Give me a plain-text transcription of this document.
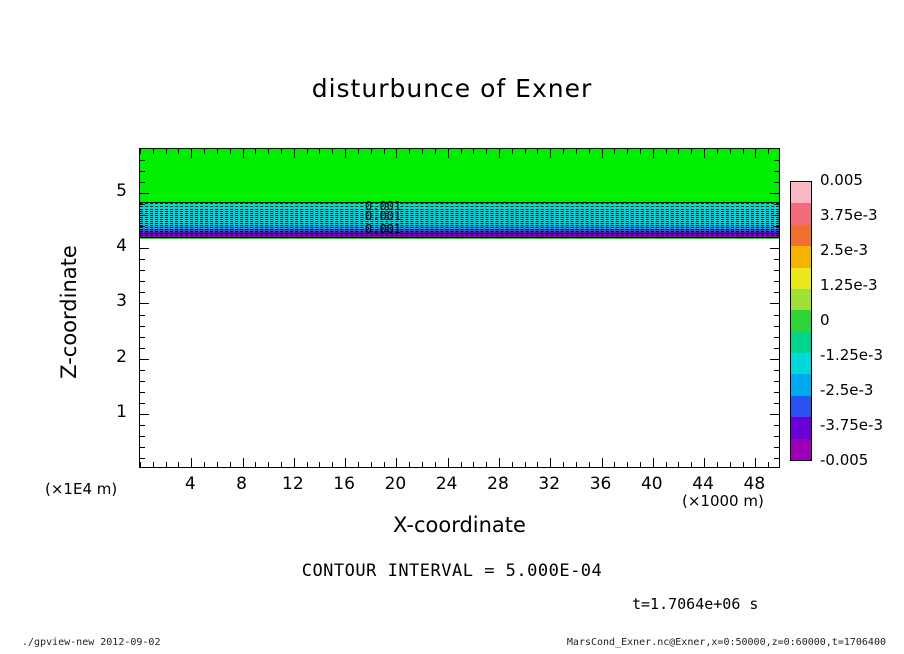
disturbunce of Exner
0.001
0.001
0.001
4	8	12	16	20	24	28	32	36	40	44	48
1
2
3
4
5
X-coordinate
Z-coordinate
(×1000 m)
(×1E4 m)
0.005
3.75e-3
2.5e-3
1.25e-3
0
-1.25e-3
-2.5e-3
-3.75e-3
-0.005
CONTOUR INTERVAL = 5.000E-04
t=1.7064e+06 s
./gpview-new 2012-09-02	MarsCond_Exner.nc@Exner,x=0:50000,z=0:60000,t=1706400
